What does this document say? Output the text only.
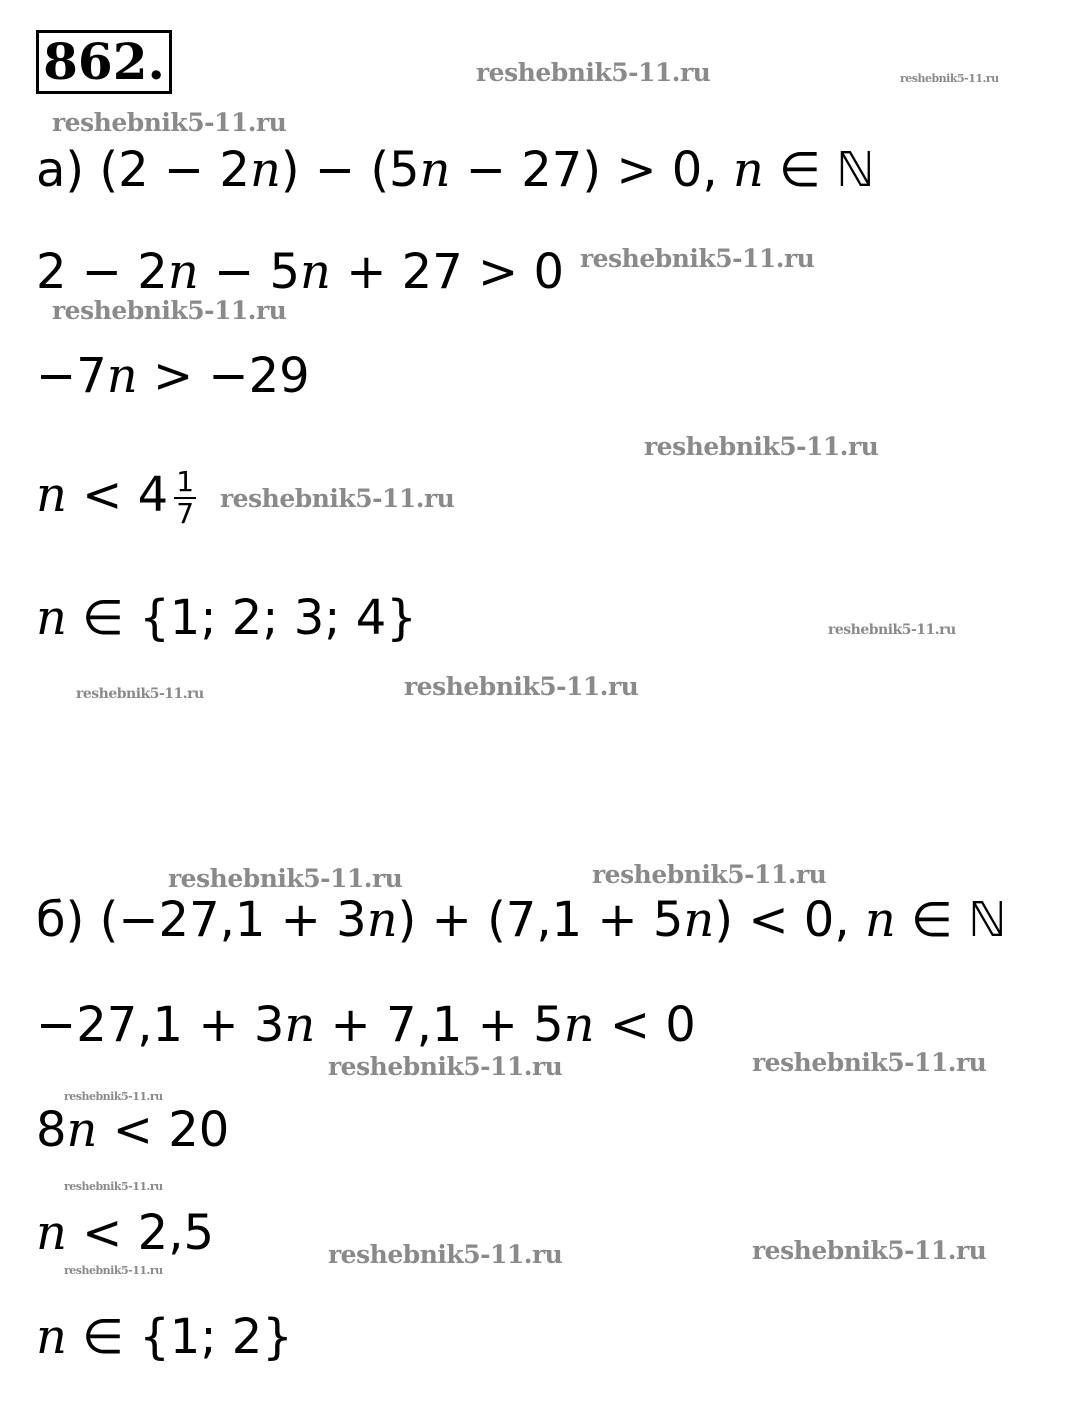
862.
а) (2 − 2n) − (5n − 27) > 0, n ∈ ℕ
2 − 2n − 5n + 27 > 0
−7n > −29
$n < 4 \frac{1}{7}$
n ∈ {1; 2; 3; 4}
б) (−27,1 + 3n) + (7,1 + 5n) < 0, n ∈ ℕ
−27,1 + 3n + 7,1 + 5n < 0
8n < 20
n < 2,5
n ∈ {1; 2}
reshebnik5-11.ru	reshebnik5-11.ru
reshebnik5-11.ru
reshebnik5-11.ru
reshebnik5-11.ru
reshebnik5-11.ru
reshebnik5-11.ru
reshebnik5-11.ru
reshebnik5-11.ru	reshebnik5-11.ru
reshebnik5-11.ru	reshebnik5-11.ru
reshebnik5-11.ru	reshebnik5-11.ru
reshebnik5-11.ru
reshebnik5-11.ru
reshebnik5-11.ru	reshebnik5-11.ru
reshebnik5-11.ru
